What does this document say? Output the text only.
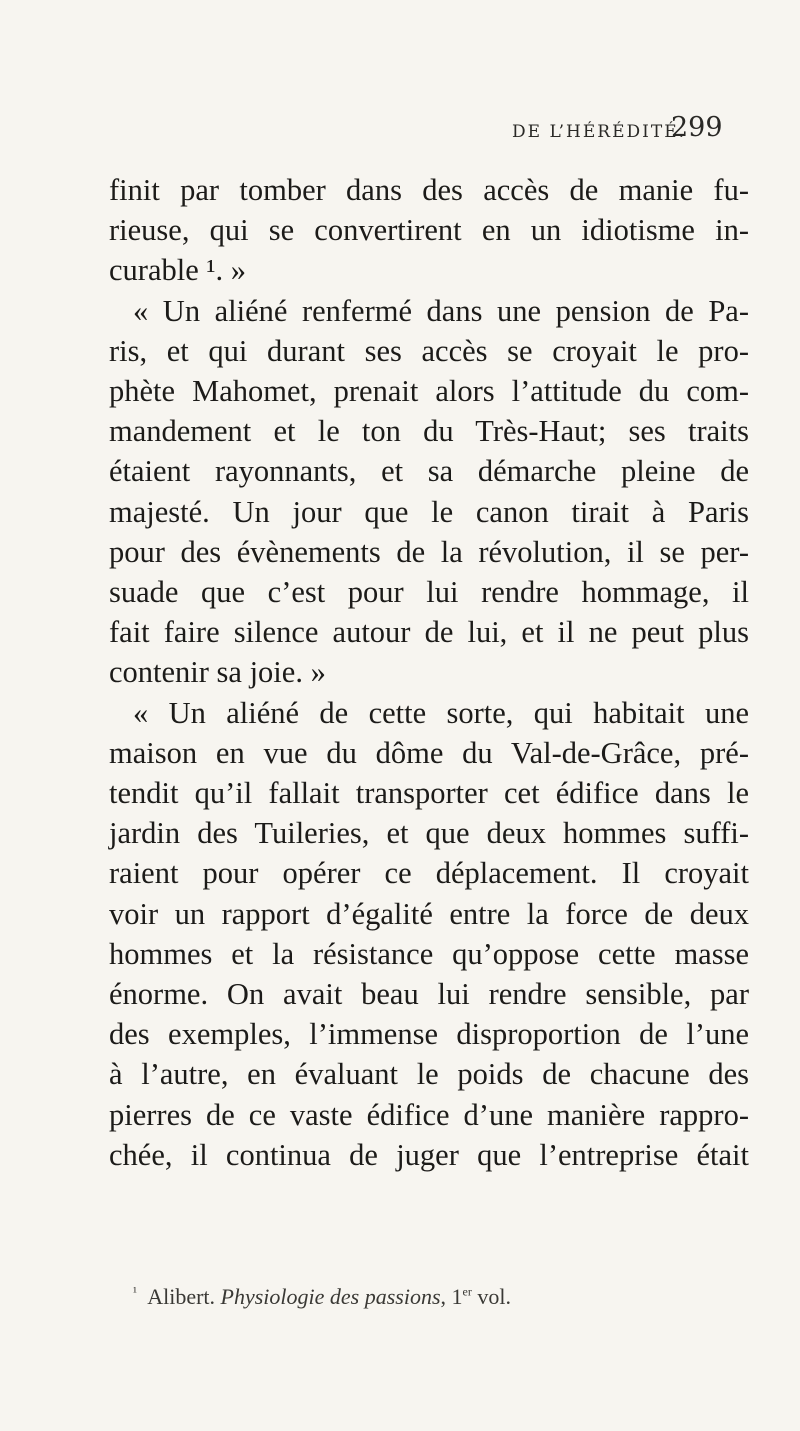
DE L’HÉRÉDITÉ.
299
finit par tomber dans des accès de manie fu-
rieuse, qui se convertirent en un idiotisme in-
curable ¹. »
« Un aliéné renfermé dans une pension de Pa-
ris, et qui durant ses accès se croyait le pro-
phète Mahomet, prenait alors l’attitude du com-
mandement et le ton du Très-Haut; ses traits
étaient rayonnants, et sa démarche pleine de
majesté. Un jour que le canon tirait à Paris
pour des évènements de la révolution, il se per-
suade que c’est pour lui rendre hommage, il
fait faire silence autour de lui, et il ne peut plus
contenir sa joie. »
« Un aliéné de cette sorte, qui habitait une
maison en vue du dôme du Val-de-Grâce, pré-
tendit qu’il fallait transporter cet édifice dans le
jardin des Tuileries, et que deux hommes suffi-
raient pour opérer ce déplacement. Il croyait
voir un rapport d’égalité entre la force de deux
hommes et la résistance qu’oppose cette masse
énorme. On avait beau lui rendre sensible, par
des exemples, l’immense disproportion de l’une
à l’autre, en évaluant le poids de chacune des
pierres de ce vaste édifice d’une manière rappro-
chée, il continua de juger que l’entreprise était
$^{^1}$ Alibert. Physiologie des passions, 1er vol.
